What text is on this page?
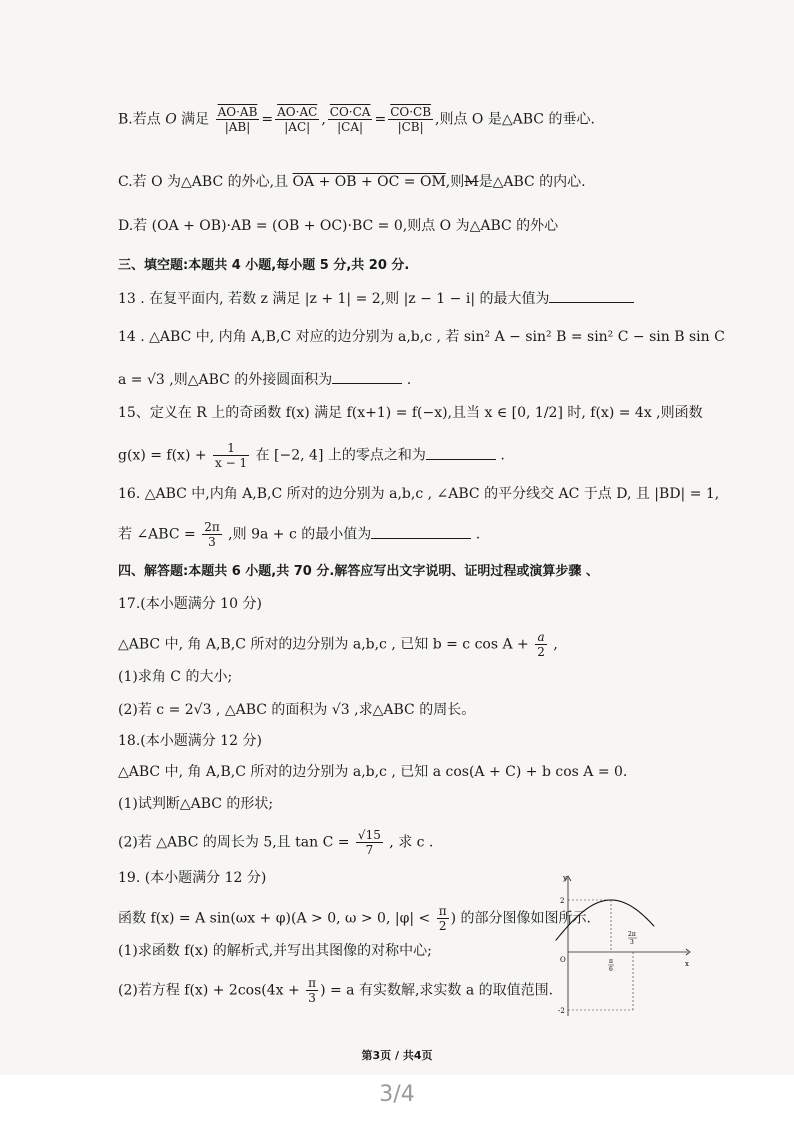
B.若点 O 满足 $\frac{AO\cdot AB}{|AB|} = \frac{AO\cdot AC}{|AC|}$ , $\frac{CO\cdot CA}{|CA|} = \frac{CO\cdot CB}{|CB|}$ ,则点 O 是△ABC 的垂心.
C.若 O 为△ABC 的外心,且 OA + OB + OC = OM,则M是△ABC 的内心.
D.若 (OA + OB)·AB = (OB + OC)·BC = 0,则点 O 为△ABC 的外心
三、填空题:本题共 4 小题,每小题 5 分,共 20 分.
13 . 在复平面内, 若数 z 满足 |z + 1| = 2,则 |z − 1 − i| 的最大值为
14 . △ABC 中, 内角 A,B,C 对应的边分别为 a,b,c , 若 sin² A − sin² B = sin² C − sin B sin C
a = √3 ,则△ABC 的外接圆面积为	.
15、定义在 R 上的奇函数 f(x) 满足 f(x+1) = f(−x),且当 x ∈ [0, 1/2] 时, f(x) = 4x ,则函数
$g(x) = f(x) + \frac{1}{x - 1}$ 在 [−2, 4] 上的零点之和为	.
16. △ABC 中,内角 A,B,C 所对的边分别为 a,b,c , ∠ABC 的平分线交 AC 于点 D, 且 |BD| = 1,
若 ∠ABC = $\frac{2\pi}{3}$ ,则 9a + c 的最小值为	.
四、解答题:本题共 6 小题,共 70 分.解答应写出文字说明、证明过程或演算步骤 、
17.(本小题满分 10 分)
△ABC 中, 角 A,B,C 所对的边分别为 a,b,c , 已知 b = c $\cos A + \frac{a}{2}$ ,
(1)求角 C 的大小;
(2)若 c = 2√3 , △ABC 的面积为 √3 ,求△ABC 的周长。
18.(本小题满分 12 分)
△ABC 中, 角 A,B,C 所对的边分别为 a,b,c , 已知 a cos(A + C) + b cos A = 0.
(1)试判断△ABC 的形状;
(2)若 △ABC 的周长为 5,且 $\tan C = \frac{√15}{7}$ , 求 c .
19. (本小题满分 12 分)
函数 f(x) = A sin(ωx + φ)(A > 0, ω > 0, $|\varphi| < \frac{\pi}{2}$ ) 的部分图像如图所示.
(1)求函数 f(x) 的解析式,并写出其图像的对称中心;
(2)若方程 $f(x) + 2\cos(4x + \frac{\pi}{3}$ ) = a 有实数解,求实数 a 的取值范围.
y
x
O
2
-2
π
6
2π
3
第3页 / 共4页
3/4
